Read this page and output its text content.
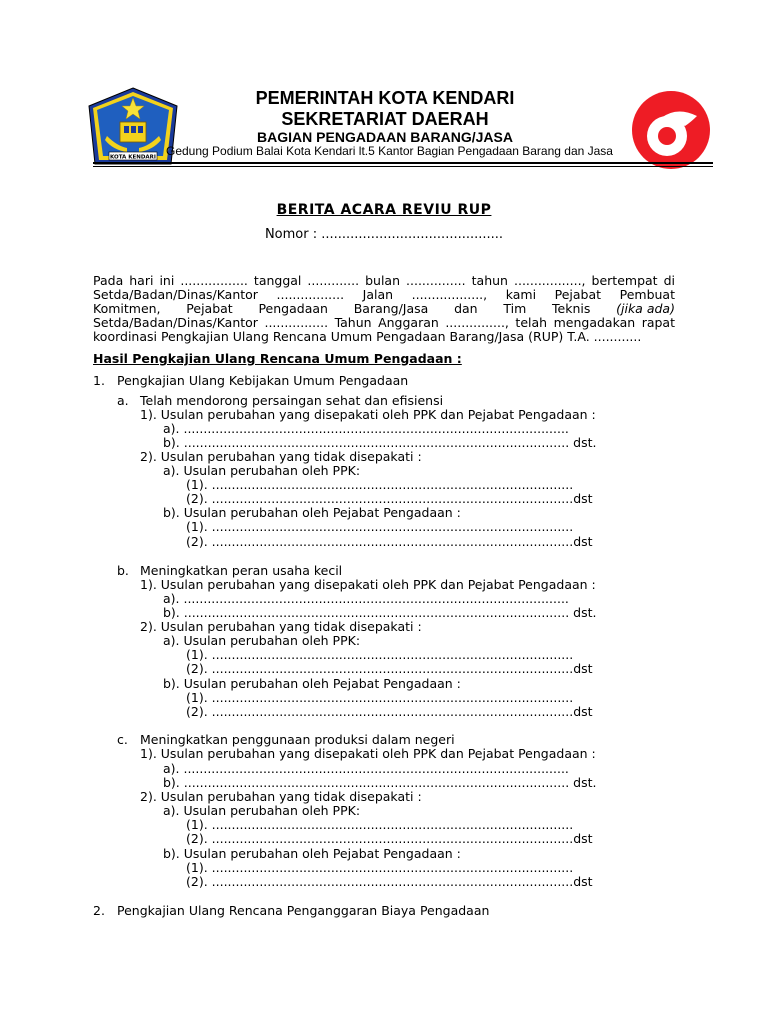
KOTA KENDARI
PEMERINTAH KOTA KENDARI
SEKRETARIAT DAERAH
BAGIAN PENGADAAN BARANG/JASA
Gedung Podium Balai Kota Kendari lt.5 Kantor Bagian Pengadaan Barang dan Jasa
BERITA ACARA REVIU RUP
Nomor : ............................................
Pada hari ini ................. tanggal ............. bulan ............... tahun ................., bertempat di
Setda/Badan/Dinas/Kantor ................. Jalan .................., kami Pejabat Pembuat
Komitmen, Pejabat Pengadaan Barang/Jasa dan Tim Teknis (jika ada)
Setda/Badan/Dinas/Kantor ................ Tahun Anggaran ..............., telah mengadakan rapat
koordinasi Pengkajian Ulang Rencana Umum Pengadaan Barang/Jasa (RUP) T.A. ............
Hasil Pengkajian Ulang Rencana Umum Pengadaan :
1. Pengkajian Ulang Kebijakan Umum Pengadaan
a. Telah mendorong persaingan sehat dan efisiensi
1). Usulan perubahan yang disepakati oleh PPK dan Pejabat Pengadaan :
a). .................................................................................................
b). ................................................................................................. dst.
2). Usulan perubahan yang tidak disepakati :
a). Usulan perubahan oleh PPK:
(1). ...........................................................................................
(2). ...........................................................................................dst
b). Usulan perubahan oleh Pejabat Pengadaan :
(1). ...........................................................................................
(2). ...........................................................................................dst
b. Meningkatkan peran usaha kecil
1). Usulan perubahan yang disepakati oleh PPK dan Pejabat Pengadaan :
a). .................................................................................................
b). ................................................................................................. dst.
2). Usulan perubahan yang tidak disepakati :
a). Usulan perubahan oleh PPK:
(1). ...........................................................................................
(2). ...........................................................................................dst
b). Usulan perubahan oleh Pejabat Pengadaan :
(1). ...........................................................................................
(2). ...........................................................................................dst
c. Meningkatkan penggunaan produksi dalam negeri
1). Usulan perubahan yang disepakati oleh PPK dan Pejabat Pengadaan :
a). .................................................................................................
b). ................................................................................................. dst.
2). Usulan perubahan yang tidak disepakati :
a). Usulan perubahan oleh PPK:
(1). ...........................................................................................
(2). ...........................................................................................dst
b). Usulan perubahan oleh Pejabat Pengadaan :
(1). ...........................................................................................
(2). ...........................................................................................dst
2. Pengkajian Ulang Rencana Penganggaran Biaya Pengadaan
